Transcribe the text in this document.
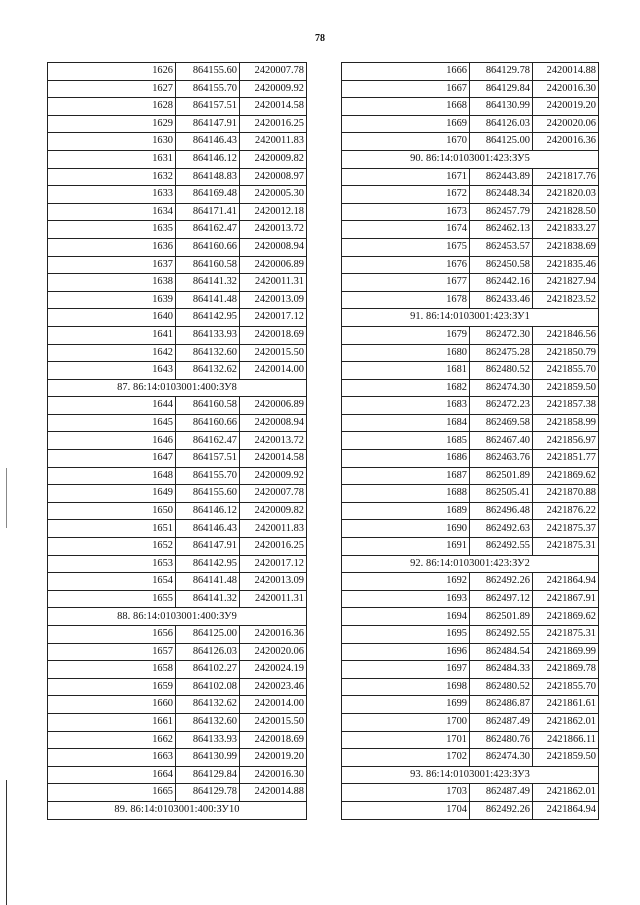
78
1626	864155.60	2420007.78
1627	864155.70	2420009.92
1628	864157.51	2420014.58
1629	864147.91	2420016.25
1630	864146.43	2420011.83
1631	864146.12	2420009.82
1632	864148.83	2420008.97
1633	864169.48	2420005.30
1634	864171.41	2420012.18
1635	864162.47	2420013.72
1636	864160.66	2420008.94
1637	864160.58	2420006.89
1638	864141.32	2420011.31
1639	864141.48	2420013.09
1640	864142.95	2420017.12
1641	864133.93	2420018.69
1642	864132.60	2420015.50
1643	864132.62	2420014.00
87. 86:14:0103001:400:ЗУ8		
1644	864160.58	2420006.89
1645	864160.66	2420008.94
1646	864162.47	2420013.72
1647	864157.51	2420014.58
1648	864155.70	2420009.92
1649	864155.60	2420007.78
1650	864146.12	2420009.82
1651	864146.43	2420011.83
1652	864147.91	2420016.25
1653	864142.95	2420017.12
1654	864141.48	2420013.09
1655	864141.32	2420011.31
88. 86:14:0103001:400:ЗУ9		
1656	864125.00	2420016.36
1657	864126.03	2420020.06
1658	864102.27	2420024.19
1659	864102.08	2420023.46
1660	864132.62	2420014.00
1661	864132.60	2420015.50
1662	864133.93	2420018.69
1663	864130.99	2420019.20
1664	864129.84	2420016.30
1665	864129.78	2420014.88
89. 86:14:0103001:400:ЗУ10		
1666	864129.78	2420014.88
1667	864129.84	2420016.30
1668	864130.99	2420019.20
1669	864126.03	2420020.06
1670	864125.00	2420016.36
90. 86:14:0103001:423:ЗУ5		
1671	862443.89	2421817.76
1672	862448.34	2421820.03
1673	862457.79	2421828.50
1674	862462.13	2421833.27
1675	862453.57	2421838.69
1676	862450.58	2421835.46
1677	862442.16	2421827.94
1678	862433.46	2421823.52
91. 86:14:0103001:423:ЗУ1		
1679	862472.30	2421846.56
1680	862475.28	2421850.79
1681	862480.52	2421855.70
1682	862474.30	2421859.50
1683	862472.23	2421857.38
1684	862469.58	2421858.99
1685	862467.40	2421856.97
1686	862463.76	2421851.77
1687	862501.89	2421869.62
1688	862505.41	2421870.88
1689	862496.48	2421876.22
1690	862492.63	2421875.37
1691	862492.55	2421875.31
92. 86:14:0103001:423:ЗУ2		
1692	862492.26	2421864.94
1693	862497.12	2421867.91
1694	862501.89	2421869.62
1695	862492.55	2421875.31
1696	862484.54	2421869.99
1697	862484.33	2421869.78
1698	862480.52	2421855.70
1699	862486.87	2421861.61
1700	862487.49	2421862.01
1701	862480.76	2421866.11
1702	862474.30	2421859.50
93. 86:14:0103001:423:ЗУ3		
1703	862487.49	2421862.01
1704	862492.26	2421864.94
